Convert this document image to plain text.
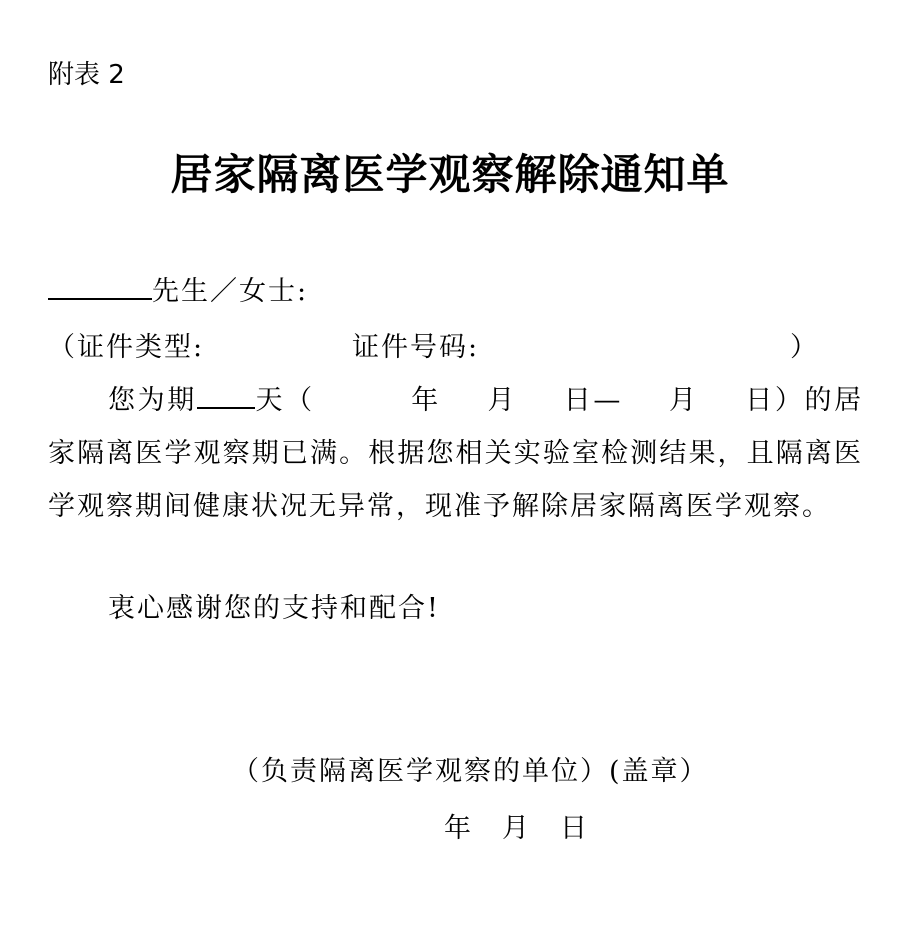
附表 2
居家隔离医学观察解除通知单
先生／女士:
（证件类型:	证件号码:	）
您为期 天（	年 月 日— 月 日）的居家隔离医学观察期已满。根据您相关实验室检测结果，且隔离医学观察期间健康状况无异常，现准予解除居家隔离医学观察。
衷心感谢您的支持和配合!
（负责隔离医学观察的单位）(盖章）
年　月　日
